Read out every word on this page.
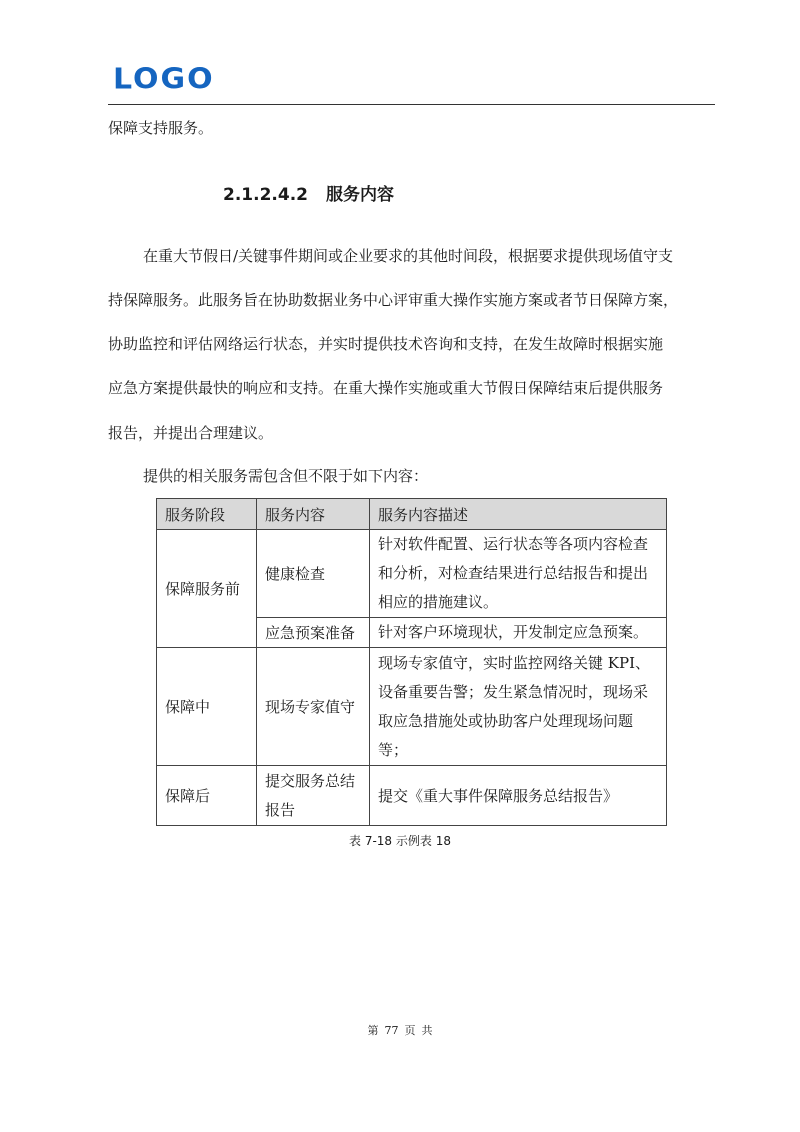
LOGO
保障支持服务。
2.1.2.4.2 服务内容
在重大节假日/关键事件期间或企业要求的其他时间段，根据要求提供现场值守支
持保障服务。此服务旨在协助数据业务中心评审重大操作实施方案或者节日保障方案，
协助监控和评估网络运行状态，并实时提供技术咨询和支持，在发生故障时根据实施
应急方案提供最快的响应和支持。在重大操作实施或重大节假日保障结束后提供服务
报告，并提出合理建议。
提供的相关服务需包含但不限于如下内容：
服务阶段	服务内容	服务内容描述
保障服务前	健康检查	针对软件配置、运行状态等各项内容检查和分析，对检查结果进行总结报告和提出相应的措施建议。
	应急预案准备	针对客户环境现状，开发制定应急预案。
保障中	现场专家值守	现场专家值守，实时监控网络关键 KPI、设备重要告警；发生紧急情况时，现场采取应急措施处或协助客户处理现场问题等；
保障后	提交服务总结报告	提交《重大事件保障服务总结报告》
表 7-18 示例表 18
第 77 页 共
